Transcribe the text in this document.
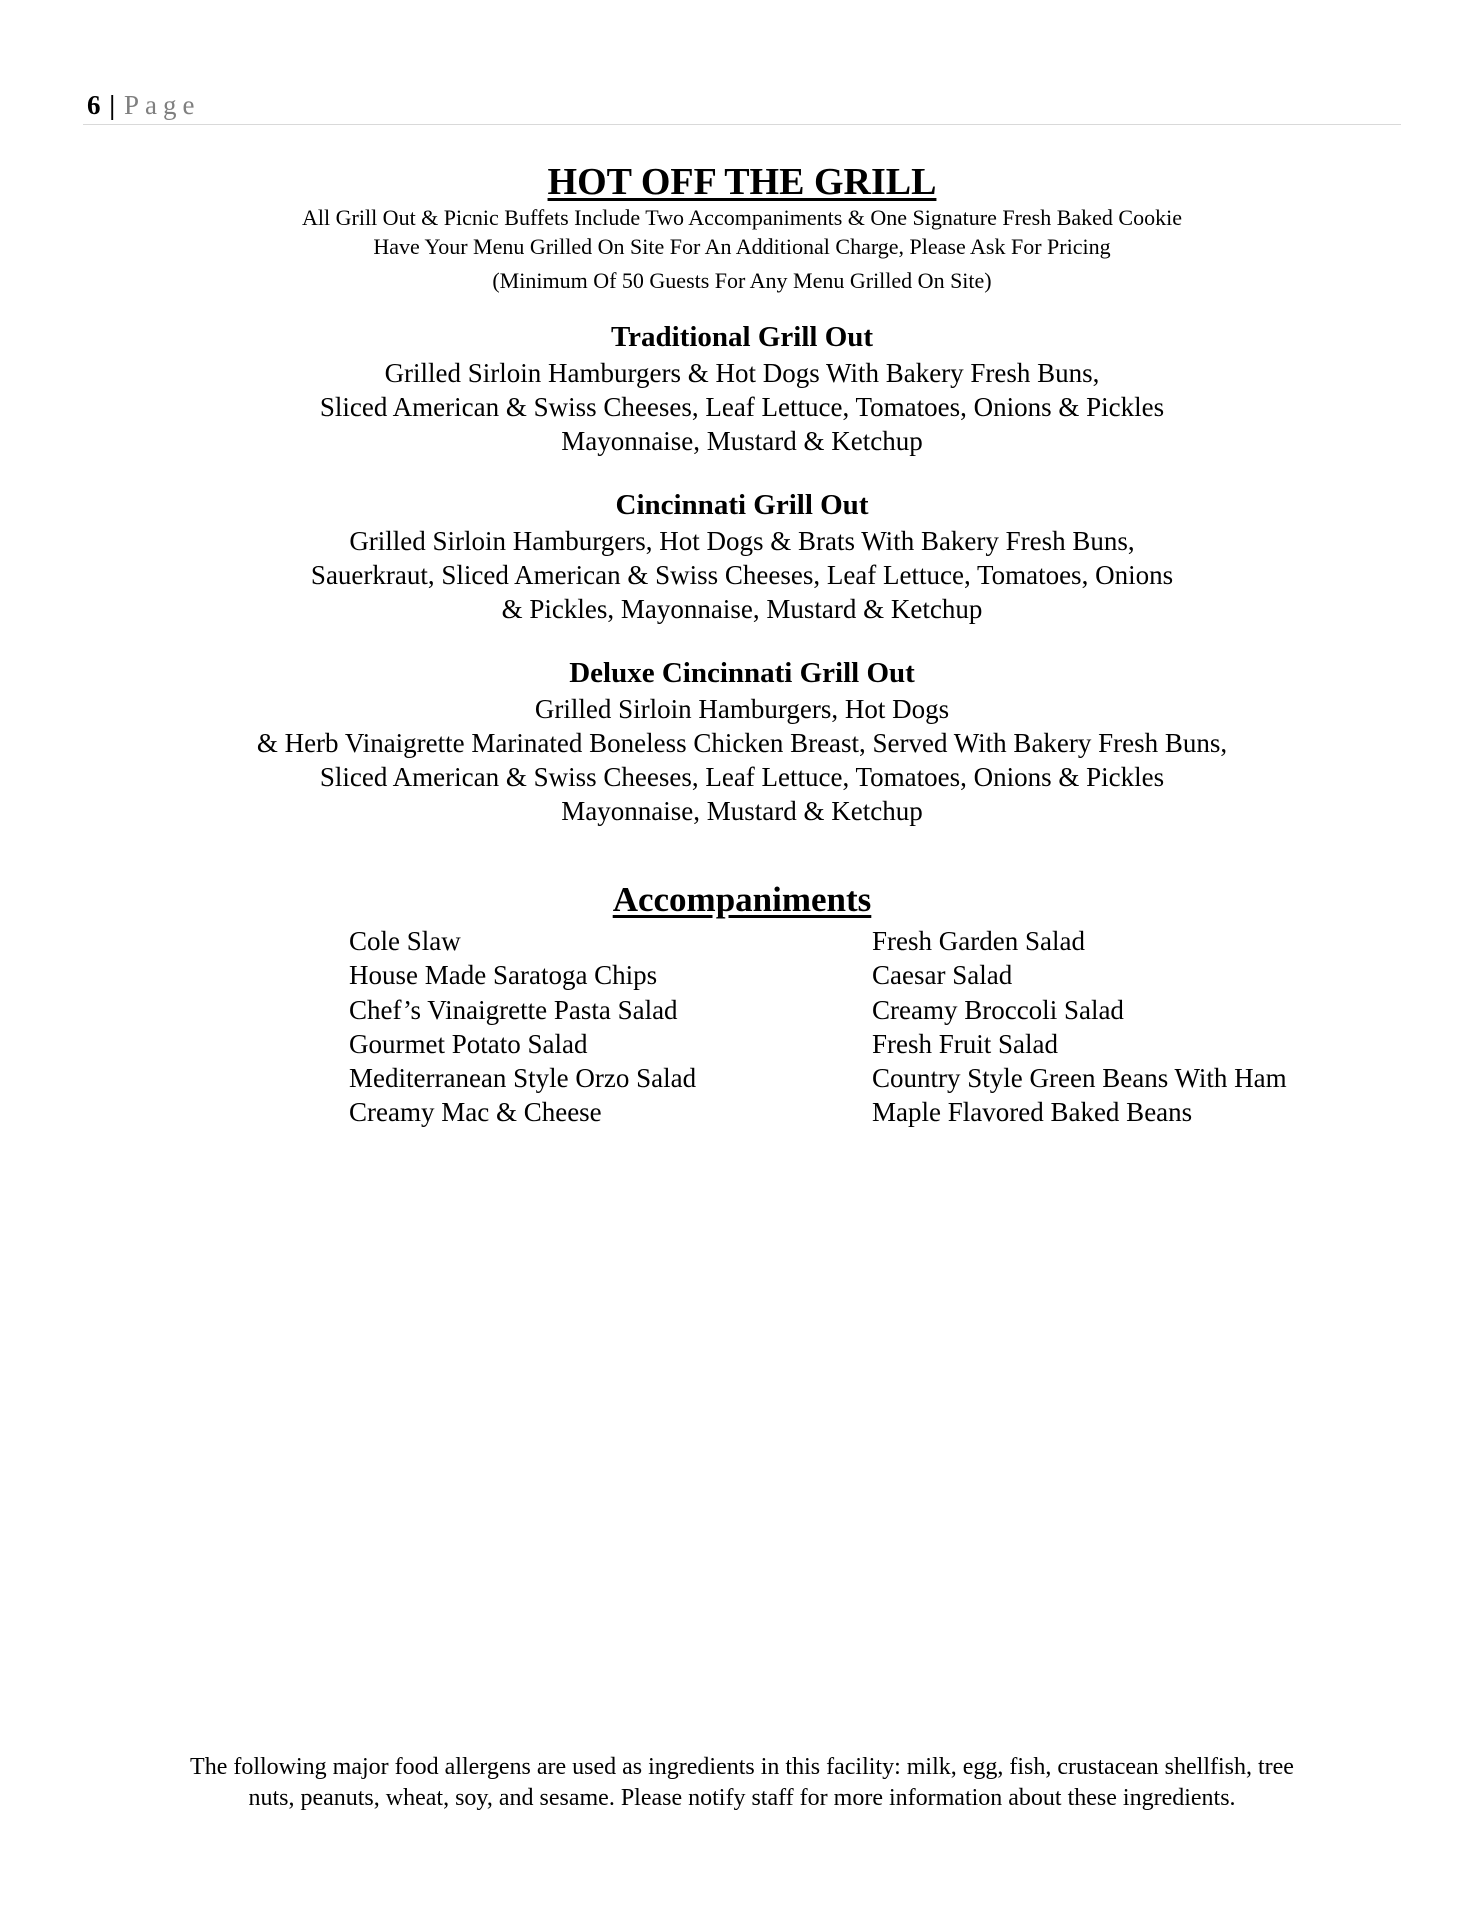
6 | Page
HOT OFF THE GRILL
All Grill Out & Picnic Buffets Include Two Accompaniments & One Signature Fresh Baked Cookie
Have Your Menu Grilled On Site For An Additional Charge, Please Ask For Pricing
(Minimum Of 50 Guests For Any Menu Grilled On Site)
Traditional Grill Out
Grilled Sirloin Hamburgers & Hot Dogs With Bakery Fresh Buns,
Sliced American & Swiss Cheeses, Leaf Lettuce, Tomatoes, Onions & Pickles
Mayonnaise, Mustard & Ketchup
Cincinnati Grill Out
Grilled Sirloin Hamburgers, Hot Dogs & Brats With Bakery Fresh Buns,
Sauerkraut, Sliced American & Swiss Cheeses, Leaf Lettuce, Tomatoes, Onions
& Pickles, Mayonnaise, Mustard & Ketchup
Deluxe Cincinnati Grill Out
Grilled Sirloin Hamburgers, Hot Dogs
& Herb Vinaigrette Marinated Boneless Chicken Breast, Served With Bakery Fresh Buns,
Sliced American & Swiss Cheeses, Leaf Lettuce, Tomatoes, Onions & Pickles
Mayonnaise, Mustard & Ketchup
Accompaniments
Cole Slaw
House Made Saratoga Chips
Chef’s Vinaigrette Pasta Salad
Gourmet Potato Salad
Mediterranean Style Orzo Salad
Creamy Mac & Cheese
Fresh Garden Salad
Caesar Salad
Creamy Broccoli Salad
Fresh Fruit Salad
Country Style Green Beans With Ham
Maple Flavored Baked Beans
The following major food allergens are used as ingredients in this facility: milk, egg, fish, crustacean shellfish, tree
nuts, peanuts, wheat, soy, and sesame. Please notify staff for more information about these ingredients.
